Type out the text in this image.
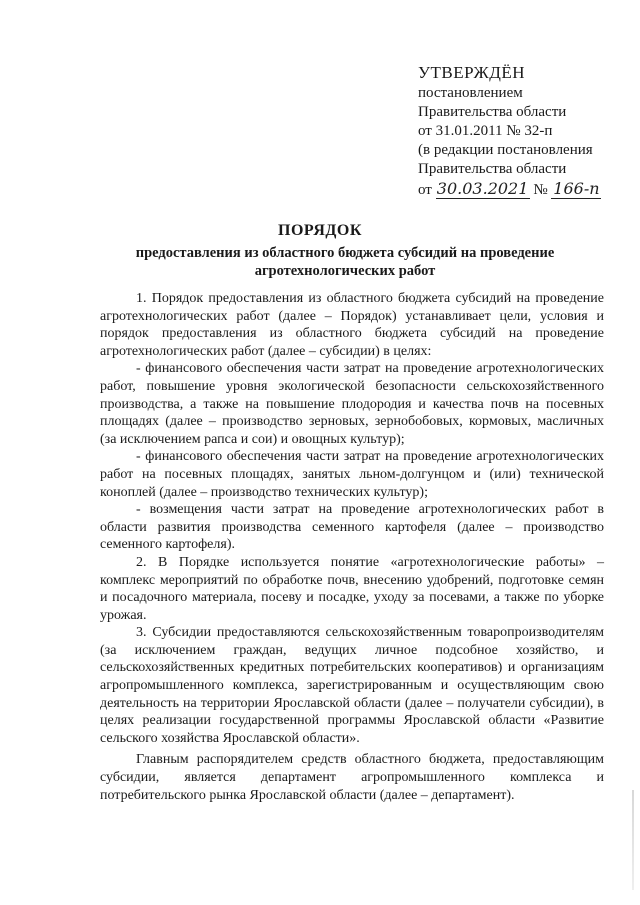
УТВЕРЖДЁН
постановлением
Правительства области
от 31.01.2011 № 32-п
(в редакции постановления
Правительства области
от 30.03.2021 № 166-п
ПОРЯДОК
предоставления из областного бюджета субсидий на проведение агротехнологических работ

1. Порядок предоставления из областного бюджета субсидий на проведение агротехнологических работ (далее – Порядок) устанавливает цели, условия и порядок предоставления из областного бюджета субсидий на проведение агротехнологических работ (далее – субсидии) в целях:

- финансового обеспечения части затрат на проведение агротехнологических работ, повышение уровня экологической безопасности сельскохозяйственного производства, а также на повышение плодородия и качества почв на посевных площадях (далее – производство зерновых, зернобобовых, кормовых, масличных (за исключением рапса и сои) и овощных культур);

- финансового обеспечения части затрат на проведение агротехнологических работ на посевных площадях, занятых льном-долгунцом и (или) технической коноплей (далее – производство технических культур);

- возмещения части затрат на проведение агротехнологических работ в области развития производства семенного картофеля (далее – производство семенного картофеля).

2. В Порядке используется понятие «агротехнологические работы» – комплекс мероприятий по обработке почв, внесению удобрений, подготовке семян и посадочного материала, посеву и посадке, уходу за посевами, а также по уборке урожая.

3. Субсидии предоставляются сельскохозяйственным товаропроизводителям (за исключением граждан, ведущих личное подсобное хозяйство, и сельскохозяйственных кредитных потребительских кооперативов) и организациям агропромышленного комплекса, зарегистрированным и осуществляющим свою деятельность на территории Ярославской области (далее – получатели субсидии), в целях реализации государственной программы Ярославской области «Развитие сельского хозяйства Ярославской области».

Главным распорядителем средств областного бюджета, предоставляющим субсидии, является департамент агропромышленного комплекса и потребительского рынка Ярославской области (далее – департамент).
